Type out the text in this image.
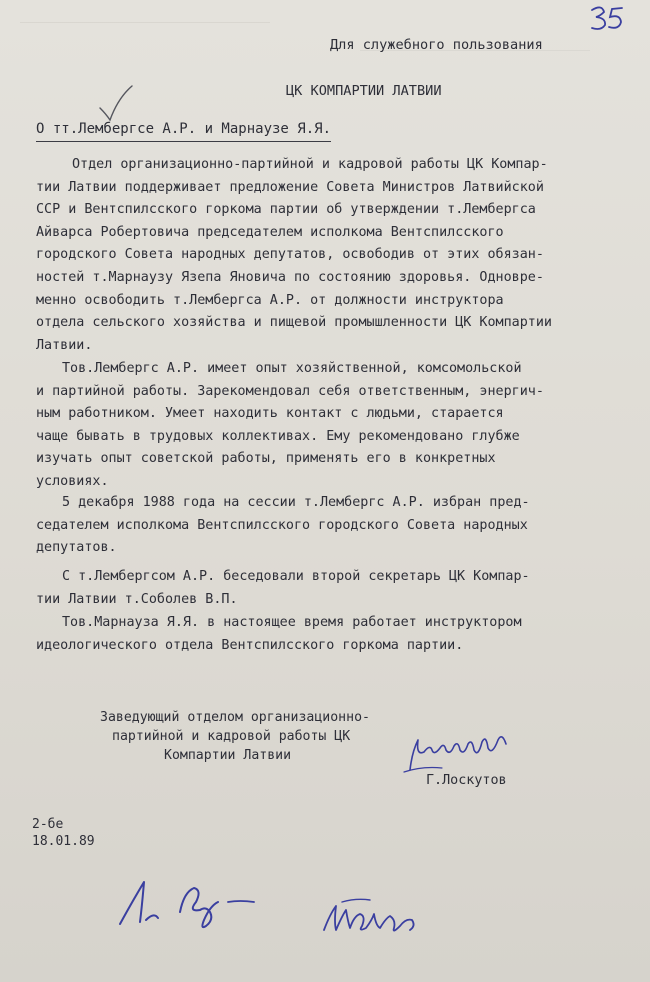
Для служебного пользования
ЦК КОМПАРТИИ ЛАТВИИ
О тт.Лембергсе А.Р. и Марнаузе Я.Я.
Отдел организационно-партийной и кадровой работы ЦК Компар-
тии Латвии поддерживает предложение Совета Министров Латвийской
ССР и Вентспилсского горкома партии об утверждении т.Лембергса
Айварса Робертовича председателем исполкома Вентспилсского
городского Совета народных депутатов, освободив от этих обязан-
ностей т.Марнаузу Язепа Яновича по состоянию здоровья. Одновре-
менно освободить т.Лембергса А.Р. от должности инструктора
отдела сельского хозяйства и пищевой промышленности ЦК Компартии
Латвии.
Тов.Лембергс А.Р. имеет опыт хозяйственной, комсомольской
и партийной работы. Зарекомендовал себя ответственным, энергич-
ным работником. Умеет находить контакт с людьми, старается
чаще бывать в трудовых коллективах. Ему рекомендовано глубже
изучать опыт советской работы, применять его в конкретных
условиях.
5 декабря 1988 года на сессии т.Лембергс А.Р. избран пред-
седателем исполкома Вентспилсского городского Совета народных
депутатов.
С т.Лембергсом А.Р. беседовали второй секретарь ЦК Компар-
тии Латвии т.Соболев В.П.
Тов.Марнауза Я.Я. в настоящее время работает инструктором
идеологического отдела Вентспилсского горкома партии.
Заведующий отделом организационно-
партийной и кадровой работы ЦК
Компартии Латвии
Г.Лоскутов
2-бе
18.01.89
